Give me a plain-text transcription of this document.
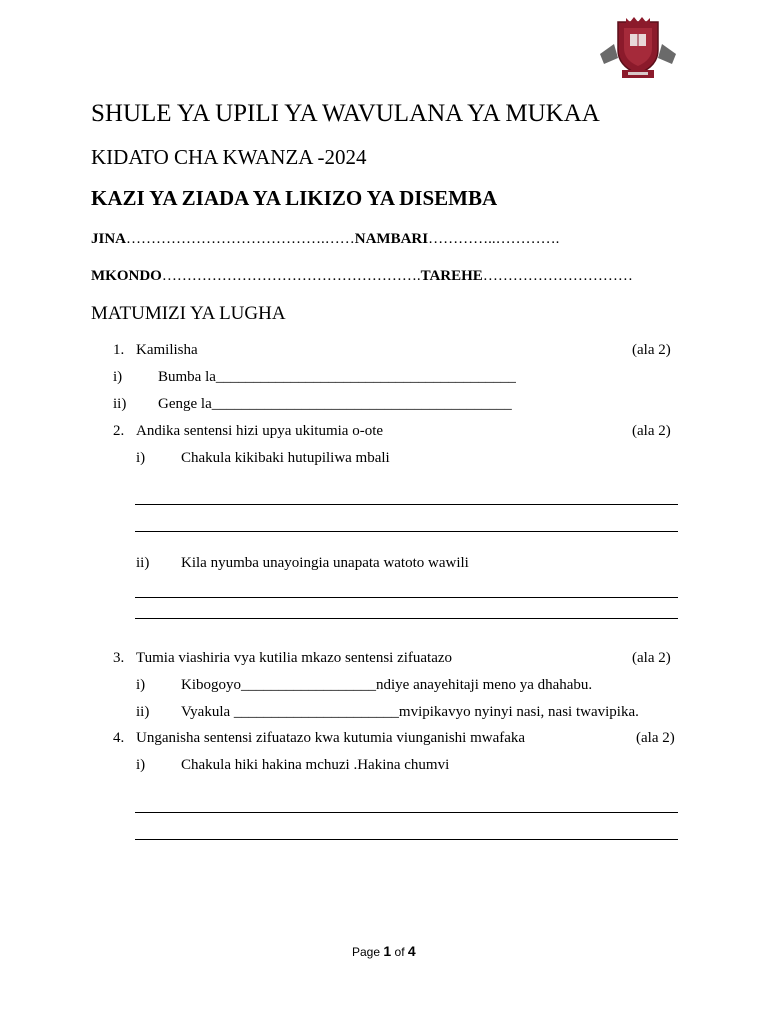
SHULE YA UPILI YA WAVULANA YA MUKAA
KIDATO CHA KWANZA -2024
KAZI YA ZIADA YA LIKIZO YA DISEMBA
JINA………………………………….……NAMBARI…………..………….
MKONDO…………………………………………….TAREHE…………………………
MATUMIZI YA LUGHA
1. Kamilisha	(ala 2)
i) Bumba la________________________________________
ii) Genge la________________________________________
2. Andika sentensi hizi upya ukitumia o-ote	(ala 2)
i) Chakula kikibaki hutupiliwa mbali
ii) Kila nyumba unayoingia unapata watoto wawili
3. Tumia viashiria vya kutilia mkazo sentensi zifuatazo	(ala 2)
i) Kibogoyo__________________ndiye anayehitaji meno ya dhahabu.
ii) Vyakula ______________________mvipikavyo nyinyi nasi, nasi twavipika.
4. Unganisha sentensi zifuatazo kwa kutumia viunganishi mwafaka	(ala 2)
i) Chakula hiki hakina mchuzi .Hakina chumvi
Page 1 of 4
